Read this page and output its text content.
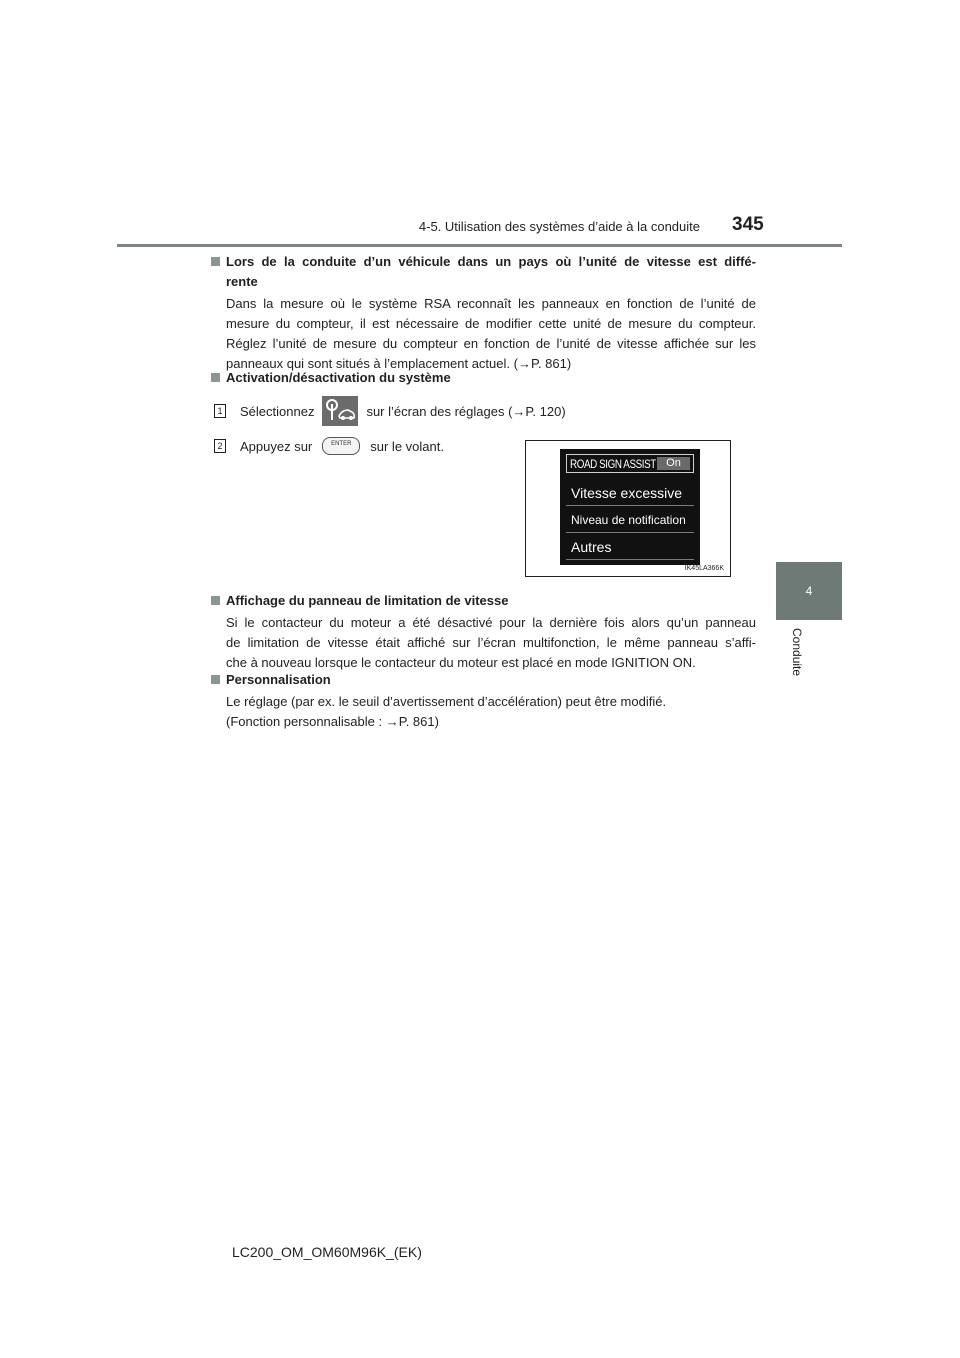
4-5. Utilisation des systèmes d’aide à la conduite 345
4
Conduite
Lors de la conduite d’un véhicule dans un pays où l’unité de vitesse est diffé-
rente
Dans la mesure où le système RSA reconnaît les panneaux en fonction de l’unité de
mesure du compteur, il est nécessaire de modifier cette unité de mesure du compteur.
Réglez l’unité de mesure du compteur en fonction de l’unité de vitesse affichée sur les
panneaux qui sont situés à l’emplacement actuel. (→P. 861)
Activation/désactivation du système
1 Sélectionnez	sur l’écran des réglages (→P. 120)
2 Appuyez sur	ENTER	sur le volant.
ROAD SIGN ASSIST On
Vitesse excessive
Niveau de notification
Autres
IK45LA366K
Affichage du panneau de limitation de vitesse
Si le contacteur du moteur a été désactivé pour la dernière fois alors qu’un panneau
de limitation de vitesse était affiché sur l’écran multifonction, le même panneau s’affi-
che à nouveau lorsque le contacteur du moteur est placé en mode IGNITION ON.
Personnalisation
Le réglage (par ex. le seuil d’avertissement d’accélération) peut être modifié.
(Fonction personnalisable : →P. 861)
LC200_OM_OM60M96K_(EK)
